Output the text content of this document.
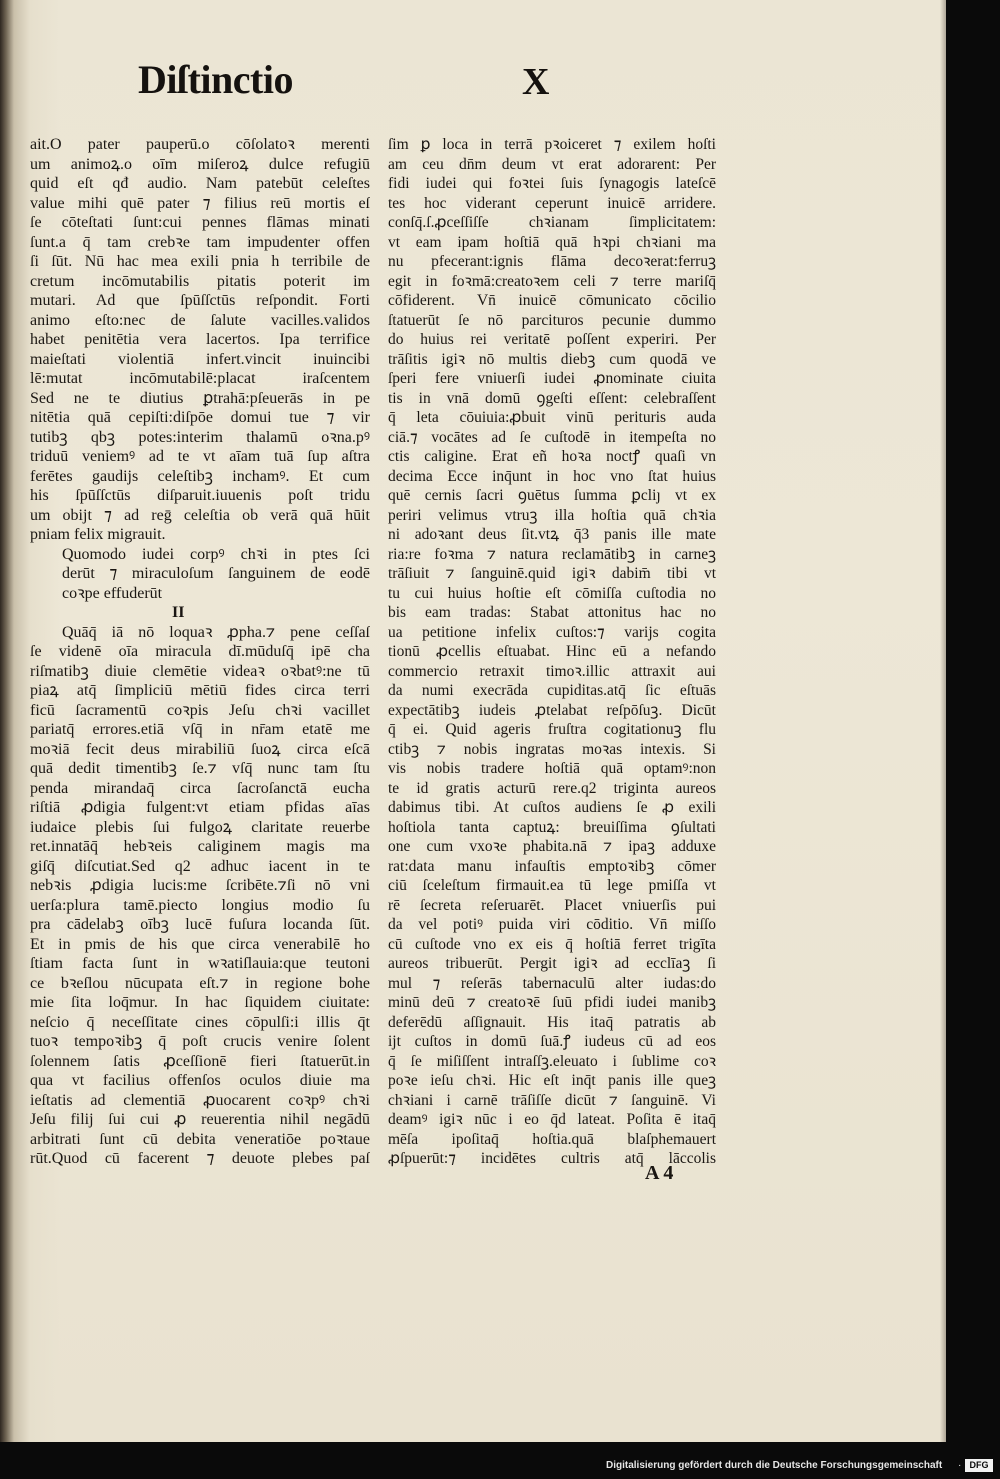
Diſtinctio	X
ait.O pater pauperū.o cōſolatoꝛ merenti
um animoꝝ.o oīm miſeroꝝ dulce refugiū
quid eſt qđ audio. Nam patebūt celeſtes
value mihi quē pater ⁊ filius reū mortis eſ
ſe cōteſtati ſunt:cui pennes flāmas minati
ſunt.a q̄ tam crebꝛe tam impudenter offen
ſi ſūt. Nū hac mea exili pnia h terribile de
cretum incōmutabilis pitatis poterit im
mutari. Ad que ſpūſſctūs reſpondit. Forti
animo eſto:nec de ſalute vacilles.validos
habet penitētia vera lacertos. Ipa terrifice
maieſtati violentiā infert.vincit inuincibi
lē:mutat incōmutabilē:placat iraſcentem
Sed ne te diutius ꝑtrahā:pſeuerās in pe
nitētia quā cepiſti:diſpōe domui tue ⁊ vir
tutibꝫ qbꝫ potes:interim thalamū oꝛna.pꝰ
triduū veniemꝰ ad te vt aīam tuā ſup aſtra
ferētes gaudijs celeſtibꝫ inchamꝰ. Et cum
his ſpūſſctūs diſparuit.iuuenis poſt tridu
um obijt ⁊ ad reḡ celeſtia ob verā quā hūit
pniam felix migrauit.
Quomodo iudei corpꝰ chꝛi in ptes ſci
derūt ⁊ miraculoſum ſanguinem de eodē
coꝛpe effuderūt
II
Quāq̄ iā nō loquaꝛ ꝓpha.⁊ pene ceſſaſ
ſe videnē oīa miracula dī.mūduſq̄ ipē cha
riſmatibꝫ diuie clemētie videaꝛ oꝛbatꝰ:ne tū
piaꝝ atq̄ ſimpliciū mētiū fides circa terri
ficū ſacramentū coꝛpis Jeſu chꝛi vacillet
pariatq̄ errores.etiā vſq̄ in nr̄am etatē me
moꝛiā fecit deus mirabiliū ſuoꝝ circa eſcā
quā dedit timentibꝫ ſe.⁊ vſq̄ nunc tam ſtu
penda mirandaq̄ circa ſacroſanctā eucha
riſtiā ꝓdigia fulgent:vt etiam pfidas aīas
iudaice plebis ſui fulgoꝝ claritate reuerbe
ret.innatāq̄ hebꝛeis caliginem magis ma
giſq̄ diſcutiat.Sed q2 adhuc iacent in te
nebꝛis ꝓdigia lucis:me ſcribēte.⁊ſi nō vni
uerſa:plura tamē.piecto longius modio ſu
pra cādelabꝫ oībꝫ lucē fuſura locanda ſūt.
Et in pmis de his que circa venerabilē ho
ſtiam facta ſunt in wꝛatiſlauia:que teutoni
ce bꝛeſlou nūcupata eſt.⁊ in regione bohe
mie ſita loq̄mur. In hac ſiquidem ciuitate:
neſcio q̄ neceſſitate cines cōpulſi:i illis q̄t
tuoꝛ tempoꝛibꝫ q̄ poſt crucis venire ſolent
ſolennem ſatis ꝓceſſionē fieri ſtatuerūt.in
qua vt facilius offenſos oculos diuie ma
ieſtatis ad clementiā ꝓuocarent coꝛpꝰ chꝛi
Jeſu filij ſui cui ꝓ reuerentia nihil negādū
arbitrati ſunt cū debita veneratiōe poꝛtaue
rūt.Quod cū facerent ⁊ deuote plebes paſ
ſim ꝑ loca in terrā pꝛoiceret ⁊ exilem hoſti
am ceu dn̄m deum vt erat adorarent: Per
fidi iudei qui foꝛtei ſuis ſynagogis lateſcē
tes hoc viderant ceperunt inuicē arridere.
conſq̄.ſ.ꝓceſſiſſe chꝛianam ſimplicitatem:
vt eam ipam hoſtiā quā hꝛpi chꝛiani ma
nu pfecerant:ignis flāma decoꝛerat:ferruꝫ
egit in foꝛmā:creatoꝛem celi ⁊ terre mariſq̄
cōfiderent. Vn̄ inuicē cōmunicato cōcilio
ſtatuerūt ſe nō parcituros pecunie dummo
do huius rei veritatē poſſent experiri. Per
trāſitis igiꝛ nō multis diebꝫ cum quodā ve
ſperi fere vniuerſi iudei ꝓnominate ciuita
tis in vnā domū ꝯgeſti eſſent: celebraſſent
q̄ leta cōuiuia:ꝓbuit vinū perituris auda
ciā.⁊ vocātes ad ſe cuſtodē in itempeſta no
ctis caligine. Erat eñ hoꝛa noctꝭ quaſi vn
decima Ecce inq̄unt in hoc vno ſtat huius
quē cernis ſacri ꝯuētus ſumma ꝑcliȷ vt ex
periri velimus vtruꝫ illa hoſtia quā chꝛia
ni adoꝛant deus ſit.vtꝝ q̄3 panis ille mate
ria:re foꝛma ⁊ natura reclamātibꝫ in carneꝫ
trāſiuit ⁊ ſanguinē.quid igiꝛ dabim̄ tibi vt
tu cui huius hoſtie eſt cōmiſſa cuſtodia no
bis eam tradas: Stabat attonitus hac no
ua petitione infelix cuſtos:⁊ varijs cogita
tionū ꝓcellis eſtuabat. Hinc eū a nefando
commercio retraxit timoꝛ.illic attraxit aui
da numi execrāda cupiditas.atq̄ ſic eſtuās
expectātibꝫ iudeis ꝓtelabat reſpōſuꝫ. Dicūt
q̄ ei. Quid ageris fruſtra cogitationuꝫ flu
ctibꝫ ⁊ nobis ingratas moꝛas intexis. Si
vis nobis tradere hoſtiā quā optamꝰ:non
te id gratis acturū rere.q2 triginta aureos
dabimus tibi. At cuſtos audiens ſe ꝓ exili
hoſtiola tanta captuꝝ: breuiſſima ꝯſultati
one cum vxoꝛe phabita.nā ⁊ ipaꝫ adduxe
rat:data manu infauſtis emptoꝛibꝫ cōmer
ciū ſceleſtum firmauit.ea tū lege pmiſſa vt
rē ſecreta reſeruarēt. Placet vniuerſis pui
da vel potiꝰ puida viri cōditio. Vn̄ miſſo
cū cuſtode vno ex eis q̄ hoſtiā ferret trigīta
aureos tribuerūt. Pergit igiꝛ ad ecclīaꝫ ſi
mul ⁊ reſerās tabernaculū alter iudas:do
minū deū ⁊ creatoꝛē ſuū pfidi iudei manibꝫ
deferēdū aſſignauit. His itaq̄ patratis ab
ijt cuſtos in domū ſuā.ꝭ iudeus cū ad eos
q̄ ſe miſiſſent intraſſꝫ.eleuato i ſublime coꝛ
poꝛe ieſu chꝛi. Hic eſt inq̄t panis ille queꝫ
chꝛiani i carnē trāſiſſe dicūt ⁊ ſanguinē. Vi
deamꝰ igiꝛ nūc i eo q̄d lateat. Poſita ē itaq̄
mēſa ipoſitaq̄ hoſtia.quā blaſphemauert
ꝓſpuerūt:⁊ incidētes cultris atq̄ lāccolis
A 4
Digitalisierung gefördert durch die Deutsche Forschungsgemeinschaft · DFG
